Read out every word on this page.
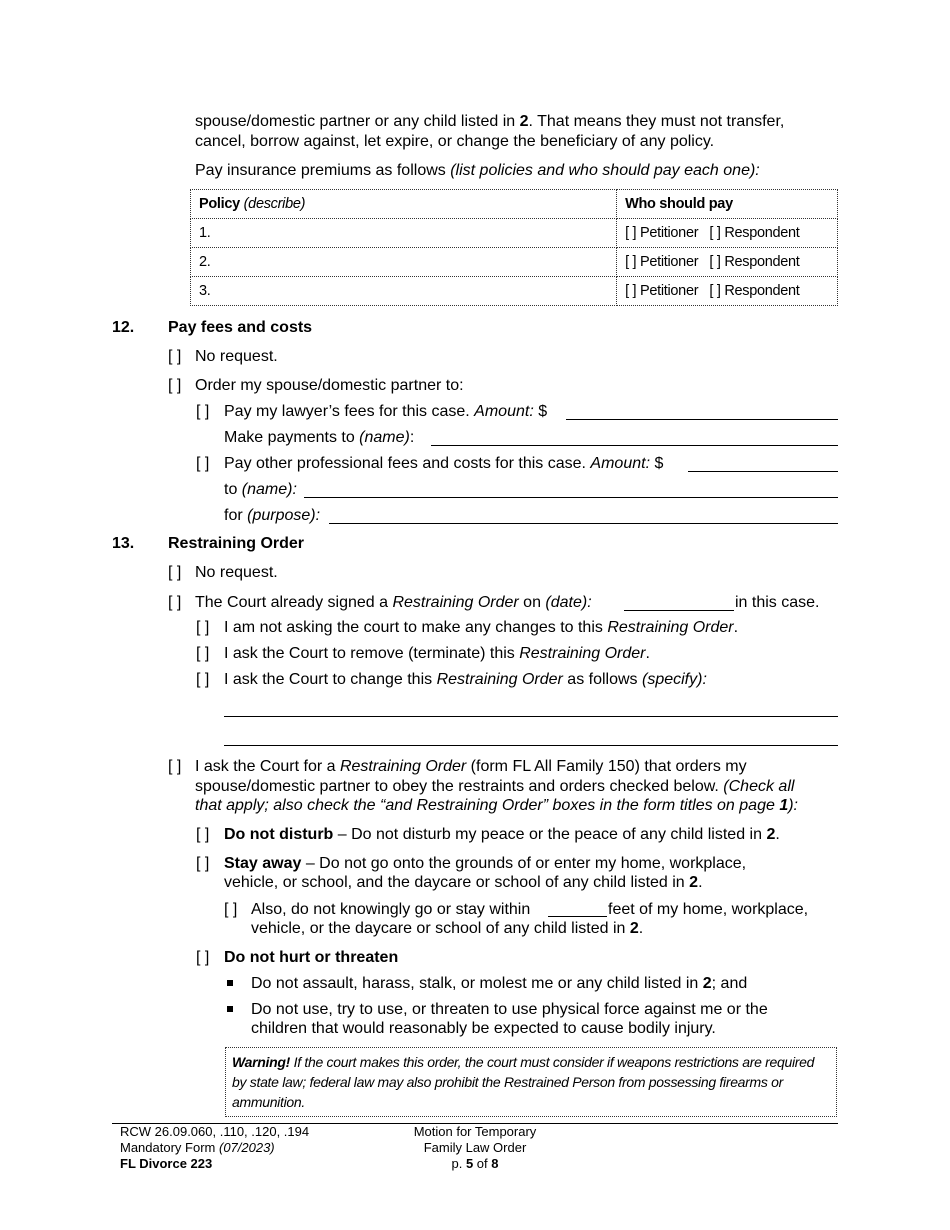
spouse/domestic partner or any child listed in 2. That means they must not transfer,
cancel, borrow against, let expire, or change the beneficiary of any policy.
Pay insurance premiums as follows (list policies and who should pay each one):
Policy (describe)	Who should pay
1.	[ ] Petitioner [ ] Respondent
2.	[ ] Petitioner [ ] Respondent
3.	[ ] Petitioner [ ] Respondent
12. Pay fees and costs
[ ] No request.
[ ] Order my spouse/domestic partner to:
[ ] Pay my lawyer’s fees for this case. Amount: $
Make payments to (name):
[ ] Pay other professional fees and costs for this case. Amount: $
to (name):
for (purpose):
13. Restraining Order
[ ] No request.
[ ] The Court already signed a Restraining Order on (date):	in this case.
[ ] I am not asking the court to make any changes to this Restraining Order.
[ ] I ask the Court to remove (terminate) this Restraining Order.
[ ] I ask the Court to change this Restraining Order as follows (specify):
[ ] I ask the Court for a Restraining Order (form FL All Family 150) that orders my
spouse/domestic partner to obey the restraints and orders checked below. (Check all
that apply; also check the “and Restraining Order” boxes in the form titles on page 1):
[ ] Do not disturb – Do not disturb my peace or the peace of any child listed in 2.
[ ] Stay away – Do not go onto the grounds of or enter my home, workplace,
vehicle, or school, and the daycare or school of any child listed in 2.
[ ] Also, do not knowingly go or stay within	feet of my home, workplace,
vehicle, or the daycare or school of any child listed in 2.
[ ] Do not hurt or threaten
Do not assault, harass, stalk, or molest me or any child listed in 2; and
Do not use, try to use, or threaten to use physical force against me or the
children that would reasonably be expected to cause bodily injury.
Warning! If the court makes this order, the court must consider if weapons restrictions are required by state law; federal law may also prohibit the Restrained Person from possessing firearms or ammunition.
RCW 26.09.060, .110, .120, .194
Mandatory Form (07/2023)
FL Divorce 223
Motion for Temporary
Family Law Order
p. 5 of 8
